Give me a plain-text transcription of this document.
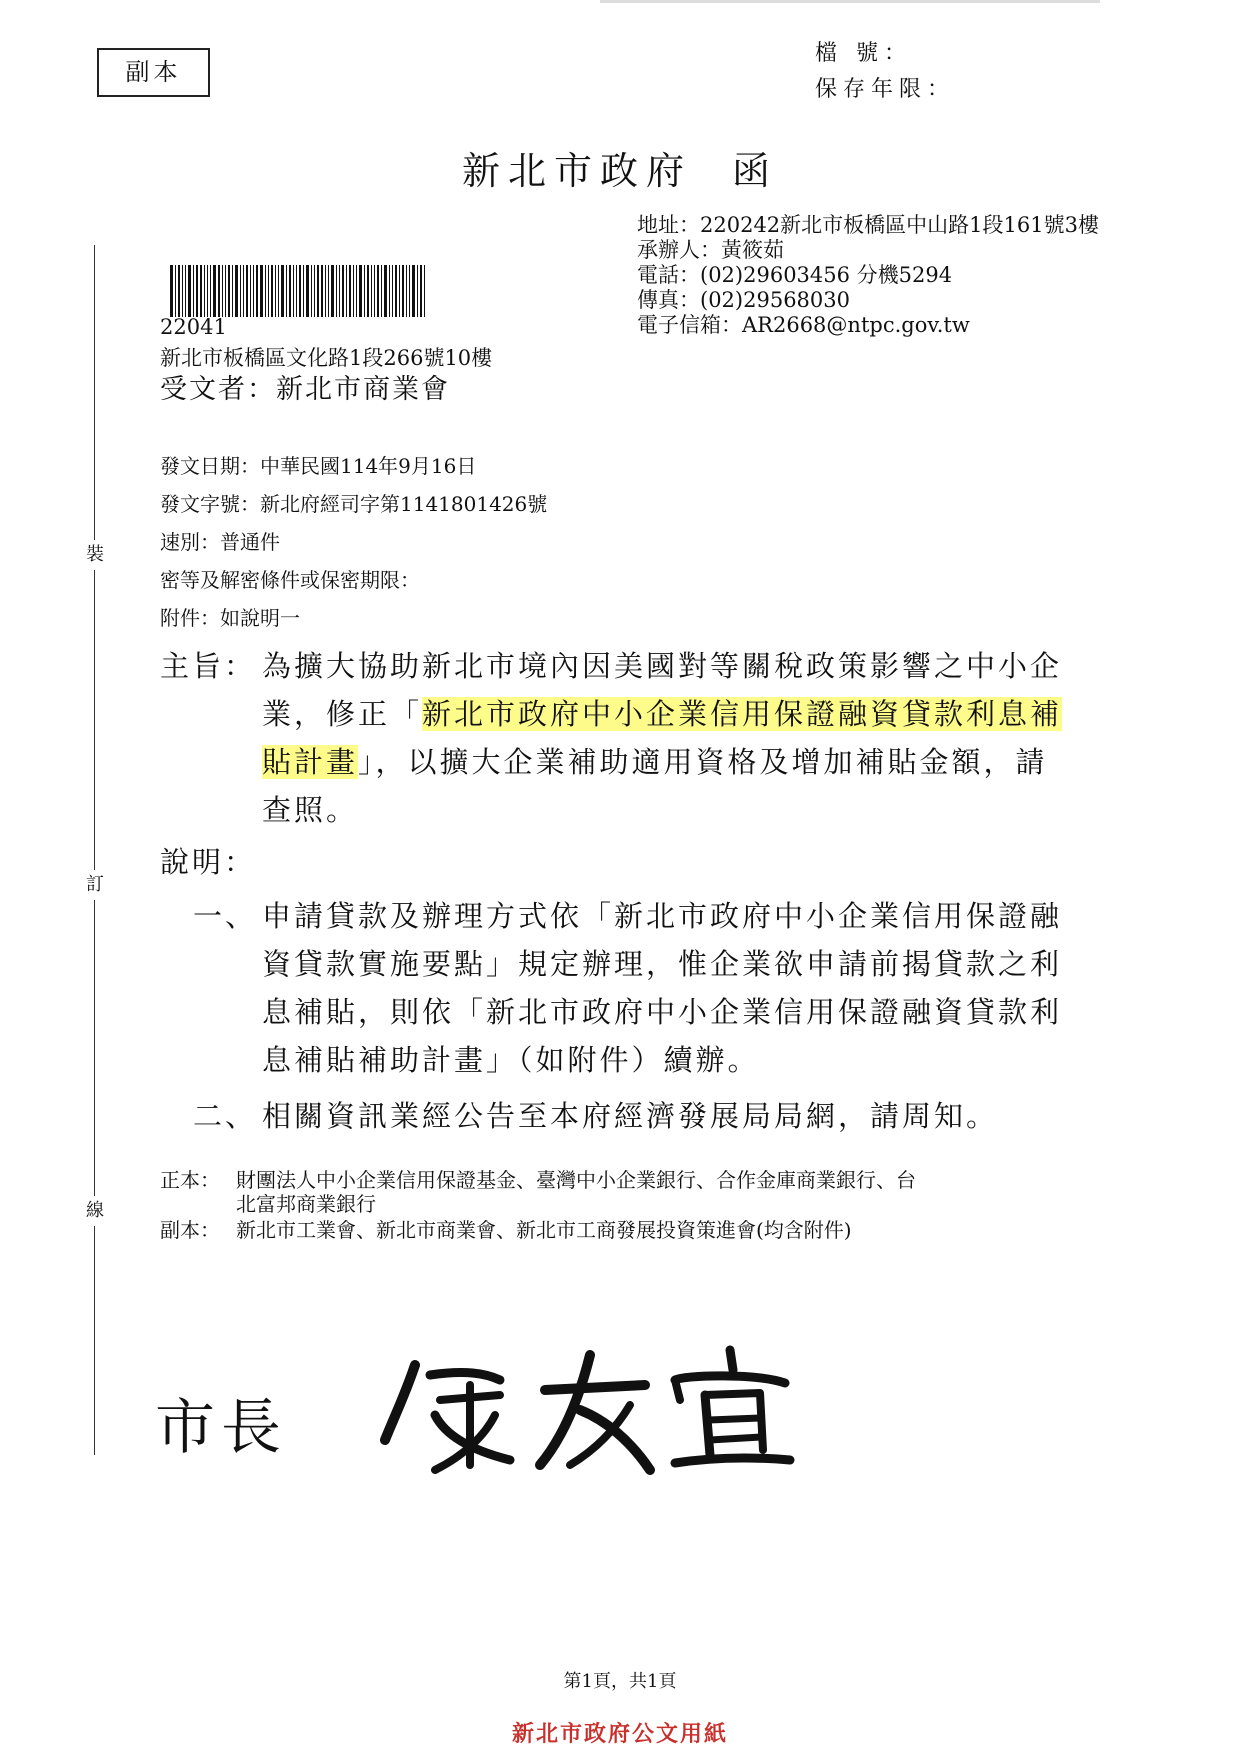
副本
檔 號：
保存年限：
新北市政府 函
地址：220242新北市板橋區中山路1段161號3樓
承辦人：黃筱茹
電話：(02)29603456 分機5294
傳真：(02)29568030
電子信箱：AR2668@ntpc.gov.tw
22041
新北市板橋區文化路1段266號10樓
受文者：新北市商業會
發文日期：中華民國114年9月16日
發文字號：新北府經司字第1141801426號
速別：普通件
密等及解密條件或保密期限：
附件：如說明一
裝
訂
線
主旨： 為擴大協助新北市境內因美國對等關稅政策影響之中小企
業，修正「新北市政府中小企業信用保證融資貸款利息補
貼計畫」，以擴大企業補助適用資格及增加補貼金額，請
查照。
說明：
一、 申請貸款及辦理方式依「新北市政府中小企業信用保證融
資貸款實施要點」規定辦理，惟企業欲申請前揭貸款之利
息補貼，則依「新北市政府中小企業信用保證融資貸款利
息補貼補助計畫」（如附件）續辦。
二、 相關資訊業經公告至本府經濟發展局局網，請周知。
正本： 財團法人中小企業信用保證基金、臺灣中小企業銀行、合作金庫商業銀行、台
北富邦商業銀行
副本： 新北市工業會、新北市商業會、新北市工商發展投資策進會(均含附件)
市長
第1頁，共1頁
新北市政府公文用紙
